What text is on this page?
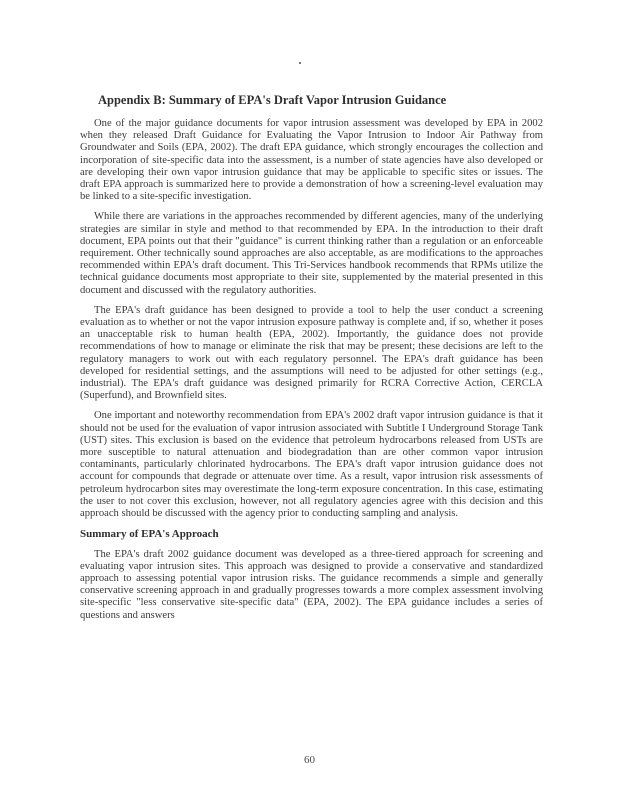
Appendix B: Summary of EPA's Draft Vapor Intrusion Guidance

One of the major guidance documents for vapor intrusion assessment was developed by EPA in 2002 when they released Draft Guidance for Evaluating the Vapor Intrusion to Indoor Air Pathway from Groundwater and Soils (EPA, 2002). The draft EPA guidance, which strongly encourages the collection and incorporation of site-specific data into the assessment, is a number of state agencies have also developed or are developing their own vapor intrusion guidance that may be applicable to specific sites or issues. The draft EPA approach is summarized here to provide a demonstration of how a screening-level evaluation may be linked to a site-specific investigation.

While there are variations in the approaches recommended by different agencies, many of the underlying strategies are similar in style and method to that recommended by EPA. In the introduction to their draft document, EPA points out that their "guidance" is current thinking rather than a regulation or an enforceable requirement. Other technically sound approaches are also acceptable, as are modifications to the approaches recommended within EPA's draft document. This Tri-Services handbook recommends that RPMs utilize the technical guidance documents most appropriate to their site, supplemented by the material presented in this document and discussed with the regulatory authorities.

The EPA's draft guidance has been designed to provide a tool to help the user conduct a screening evaluation as to whether or not the vapor intrusion exposure pathway is complete and, if so, whether it poses an unacceptable risk to human health (EPA, 2002). Importantly, the guidance does not provide recommendations of how to manage or eliminate the risk that may be present; these decisions are left to the regulatory managers to work out with each regulatory personnel. The EPA's draft guidance has been developed for residential settings, and the assumptions will need to be adjusted for other settings (e.g., industrial). The EPA's draft guidance was designed primarily for RCRA Corrective Action, CERCLA (Superfund), and Brownfield sites.

One important and noteworthy recommendation from EPA's 2002 draft vapor intrusion guidance is that it should not be used for the evaluation of vapor intrusion associated with Subtitle I Underground Storage Tank (UST) sites. This exclusion is based on the evidence that petroleum hydrocarbons released from USTs are more susceptible to natural attenuation and biodegradation than are other common vapor intrusion contaminants, particularly chlorinated hydrocarbons. The EPA's draft vapor intrusion guidance does not account for compounds that degrade or attenuate over time. As a result, vapor intrusion risk assessments of petroleum hydrocarbon sites may overestimate the long-term exposure concentration. In this case, estimating the user to not cover this exclusion, however, not all regulatory agencies agree with this decision and this approach should be discussed with the agency prior to conducting sampling and analysis.

Summary of EPA's Approach

The EPA's draft 2002 guidance document was developed as a three-tiered approach for screening and evaluating vapor intrusion sites. This approach was designed to provide a conservative and standardized approach to assessing potential vapor intrusion risks. The guidance recommends a simple and generally conservative screening approach in and gradually progresses towards a more complex assessment involving site-specific "less conservative site-specific data" (EPA, 2002). The EPA guidance includes a series of questions and answers

60
